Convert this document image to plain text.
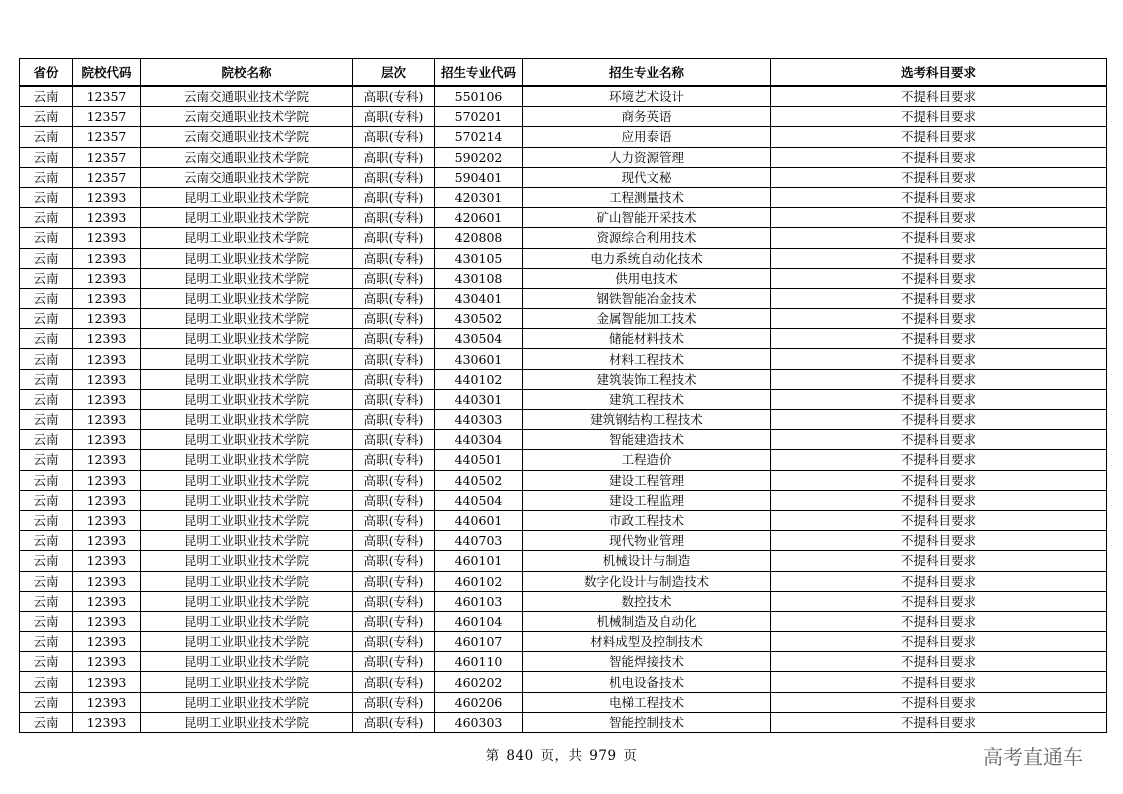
省份	院校代码	院校名称	层次	招生专业代码	招生专业名称	选考科目要求
云南	12357	云南交通职业技术学院	高职(专科)	550106	环境艺术设计	不提科目要求
云南	12357	云南交通职业技术学院	高职(专科)	570201	商务英语	不提科目要求
云南	12357	云南交通职业技术学院	高职(专科)	570214	应用泰语	不提科目要求
云南	12357	云南交通职业技术学院	高职(专科)	590202	人力资源管理	不提科目要求
云南	12357	云南交通职业技术学院	高职(专科)	590401	现代文秘	不提科目要求
云南	12393	昆明工业职业技术学院	高职(专科)	420301	工程测量技术	不提科目要求
云南	12393	昆明工业职业技术学院	高职(专科)	420601	矿山智能开采技术	不提科目要求
云南	12393	昆明工业职业技术学院	高职(专科)	420808	资源综合利用技术	不提科目要求
云南	12393	昆明工业职业技术学院	高职(专科)	430105	电力系统自动化技术	不提科目要求
云南	12393	昆明工业职业技术学院	高职(专科)	430108	供用电技术	不提科目要求
云南	12393	昆明工业职业技术学院	高职(专科)	430401	钢铁智能冶金技术	不提科目要求
云南	12393	昆明工业职业技术学院	高职(专科)	430502	金属智能加工技术	不提科目要求
云南	12393	昆明工业职业技术学院	高职(专科)	430504	储能材料技术	不提科目要求
云南	12393	昆明工业职业技术学院	高职(专科)	430601	材料工程技术	不提科目要求
云南	12393	昆明工业职业技术学院	高职(专科)	440102	建筑装饰工程技术	不提科目要求
云南	12393	昆明工业职业技术学院	高职(专科)	440301	建筑工程技术	不提科目要求
云南	12393	昆明工业职业技术学院	高职(专科)	440303	建筑钢结构工程技术	不提科目要求
云南	12393	昆明工业职业技术学院	高职(专科)	440304	智能建造技术	不提科目要求
云南	12393	昆明工业职业技术学院	高职(专科)	440501	工程造价	不提科目要求
云南	12393	昆明工业职业技术学院	高职(专科)	440502	建设工程管理	不提科目要求
云南	12393	昆明工业职业技术学院	高职(专科)	440504	建设工程监理	不提科目要求
云南	12393	昆明工业职业技术学院	高职(专科)	440601	市政工程技术	不提科目要求
云南	12393	昆明工业职业技术学院	高职(专科)	440703	现代物业管理	不提科目要求
云南	12393	昆明工业职业技术学院	高职(专科)	460101	机械设计与制造	不提科目要求
云南	12393	昆明工业职业技术学院	高职(专科)	460102	数字化设计与制造技术	不提科目要求
云南	12393	昆明工业职业技术学院	高职(专科)	460103	数控技术	不提科目要求
云南	12393	昆明工业职业技术学院	高职(专科)	460104	机械制造及自动化	不提科目要求
云南	12393	昆明工业职业技术学院	高职(专科)	460107	材料成型及控制技术	不提科目要求
云南	12393	昆明工业职业技术学院	高职(专科)	460110	智能焊接技术	不提科目要求
云南	12393	昆明工业职业技术学院	高职(专科)	460202	机电设备技术	不提科目要求
云南	12393	昆明工业职业技术学院	高职(专科)	460206	电梯工程技术	不提科目要求
云南	12393	昆明工业职业技术学院	高职(专科)	460303	智能控制技术	不提科目要求
第 840 页，共 979 页	高考直通车
